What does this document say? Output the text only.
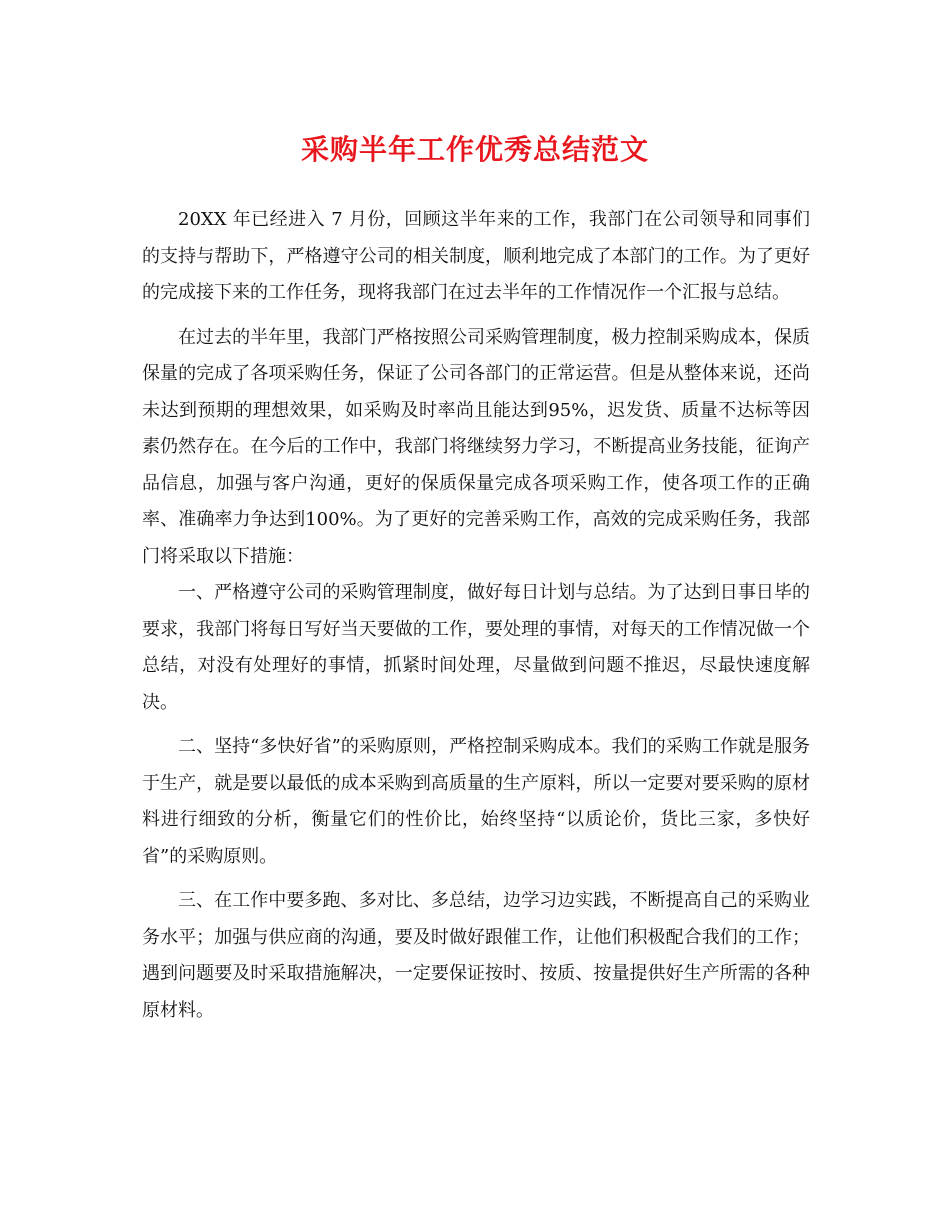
采购半年工作优秀总结范文

20XX 年已经进入 7 月份，回顾这半年来的工作，我部门在公司领导和同事们的支持与帮助下，严格遵守公司的相关制度，顺利地完成了本部门的工作。为了更好的完成接下来的工作任务，现将我部门在过去半年的工作情况作一个汇报与总结。

在过去的半年里，我部门严格按照公司采购管理制度，极力控制采购成本，保质保量的完成了各项采购任务，保证了公司各部门的正常运营。但是从整体来说，还尚未达到预期的理想效果，如采购及时率尚且能达到95%，迟发货、质量不达标等因素仍然存在。在今后的工作中，我部门将继续努力学习，不断提高业务技能，征询产品信息，加强与客户沟通，更好的保质保量完成各项采购工作，使各项工作的正确率、准确率力争达到100%。为了更好的完善采购工作，高效的完成采购任务，我部门将采取以下措施：

一、严格遵守公司的采购管理制度，做好每日计划与总结。为了达到日事日毕的要求，我部门将每日写好当天要做的工作，要处理的事情，对每天的工作情况做一个总结，对没有处理好的事情，抓紧时间处理，尽量做到问题不推迟，尽最快速度解决。

二、坚持“多快好省”的采购原则，严格控制采购成本。我们的采购工作就是服务于生产，就是要以最低的成本采购到高质量的生产原料，所以一定要对要采购的原材料进行细致的分析，衡量它们的性价比，始终坚持“以质论价，货比三家，多快好省”的采购原则。

三、在工作中要多跑、多对比、多总结，边学习边实践，不断提高自己的采购业务水平；加强与供应商的沟通，要及时做好跟催工作，让他们积极配合我们的工作；遇到问题要及时采取措施解决，一定要保证按时、按质、按量提供好生产所需的各种原材料。
